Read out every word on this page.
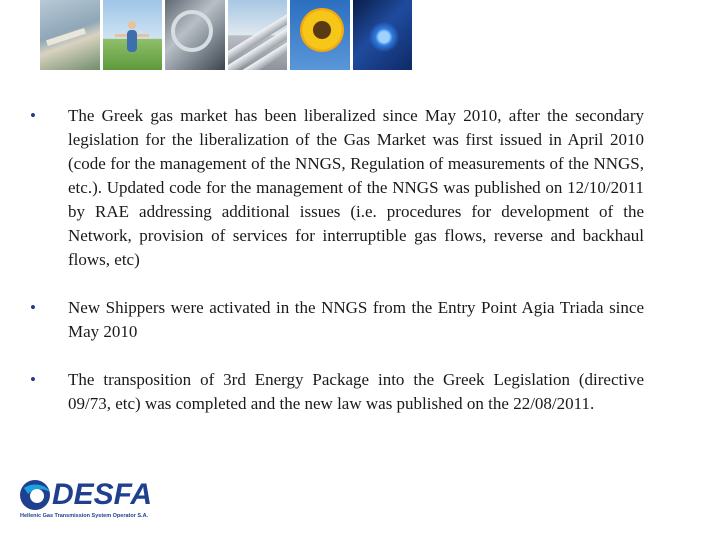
•	The Greek gas market has been liberalized since May 2010, after the secondary legislation for the liberalization of the Gas Market was first issued in April 2010 (code for the management of the NNGS, Regulation of measurements of the NNGS, etc.). Updated code for the management of the NNGS was published on 12/10/2011 by RAE addressing additional issues (i.e. procedures for development of the Network, provision of services for interruptible gas flows, reverse and backhaul flows, etc)
•	New Shippers were activated in the NNGS from the Entry Point Agia Triada since May 2010
•	The transposition of 3rd Energy Package into the Greek Legislation (directive 09/73, etc) was completed and the new law was published on the 22/08/2011.
DESFA
Hellenic Gas Transmission System Operator S.A.
